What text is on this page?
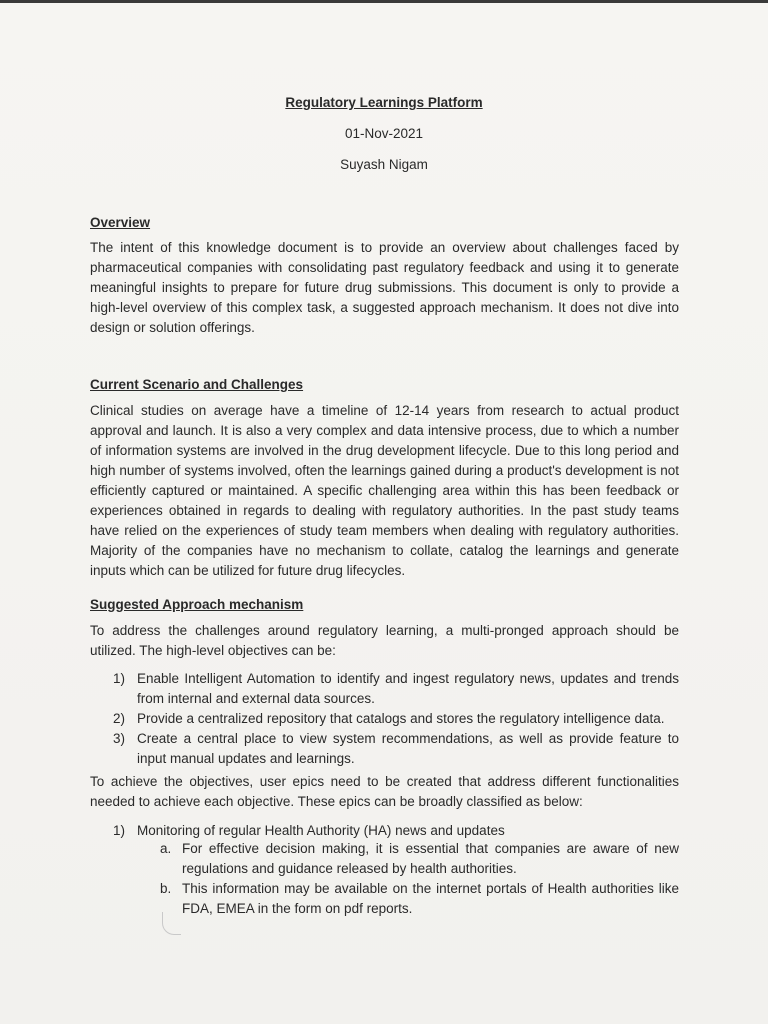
Regulatory Learnings Platform
01-Nov-2021
Suyash Nigam
Overview

The intent of this knowledge document is to provide an overview about challenges faced by pharmaceutical companies with consolidating past regulatory feedback and using it to generate meaningful insights to prepare for future drug submissions. This document is only to provide a high-level overview of this complex task, a suggested approach mechanism. It does not dive into design or solution offerings.

Current Scenario and Challenges

Clinical studies on average have a timeline of 12-14 years from research to actual product approval and launch. It is also a very complex and data intensive process, due to which a number of information systems are involved in the drug development lifecycle. Due to this long period and high number of systems involved, often the learnings gained during a product's development is not efficiently captured or maintained. A specific challenging area within this has been feedback or experiences obtained in regards to dealing with regulatory authorities. In the past study teams have relied on the experiences of study team members when dealing with regulatory authorities. Majority of the companies have no mechanism to collate, catalog the learnings and generate inputs which can be utilized for future drug lifecycles.

Suggested Approach mechanism

To address the challenges around regulatory learning, a multi-pronged approach should be utilized. The high-level objectives can be:

1) Enable Intelligent Automation to identify and ingest regulatory news, updates and trends from internal and external data sources.
2) Provide a centralized repository that catalogs and stores the regulatory intelligence data.
3) Create a central place to view system recommendations, as well as provide feature to input manual updates and learnings.

To achieve the objectives, user epics need to be created that address different functionalities needed to achieve each objective. These epics can be broadly classified as below:

1) Monitoring of regular Health Authority (HA) news and updates
a. For effective decision making, it is essential that companies are aware of new regulations and guidance released by health authorities.
b. This information may be available on the internet portals of Health authorities like FDA, EMEA in the form on pdf reports.
